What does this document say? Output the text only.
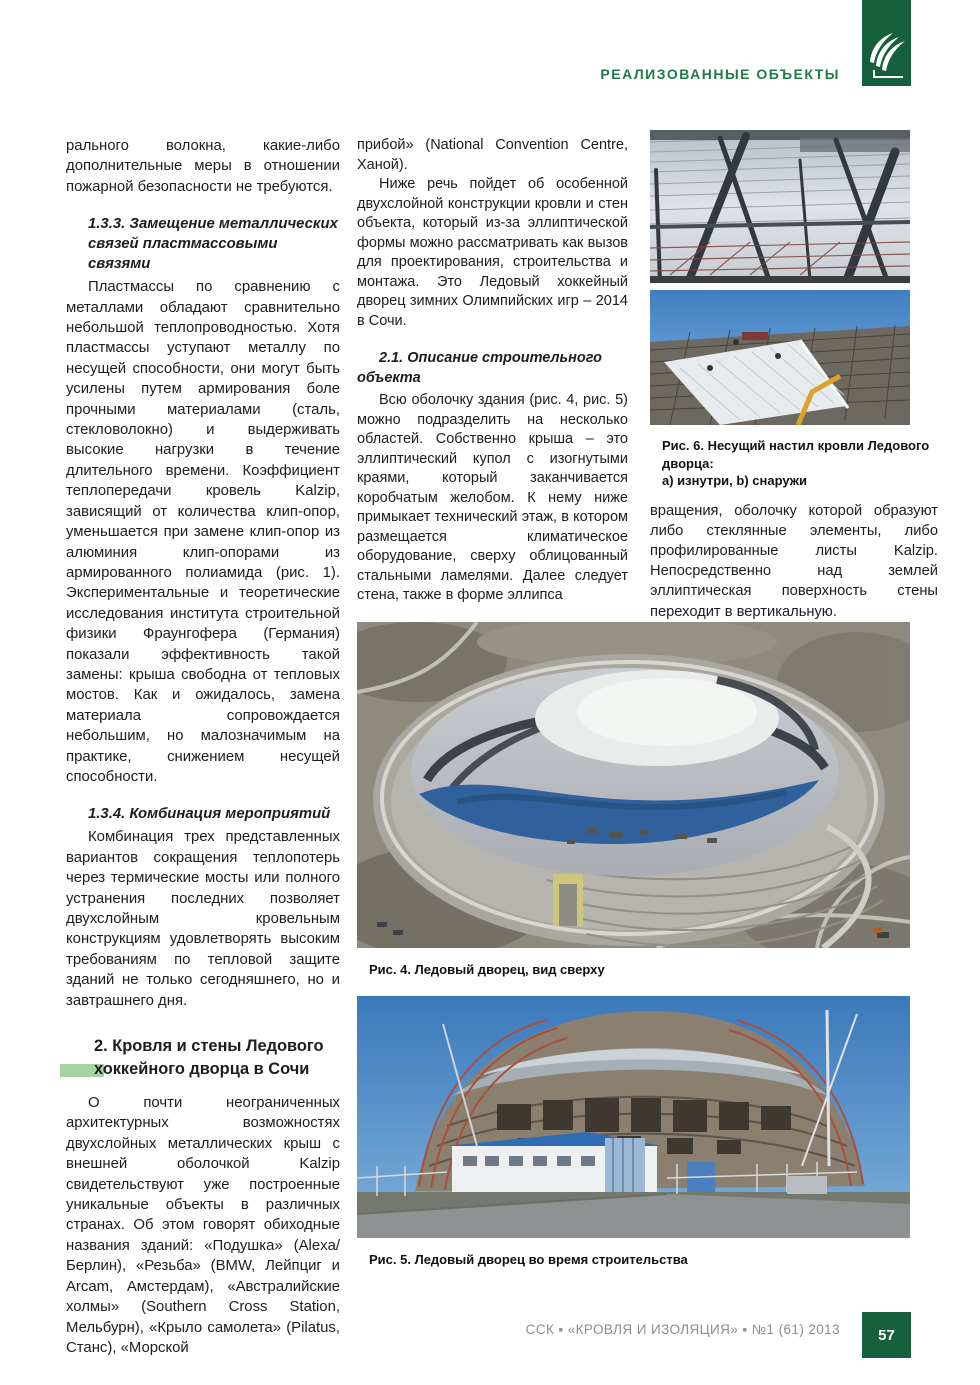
РЕАЛИЗОВАННЫЕ ОБЪЕКТЫ

рального волокна, какие-либо дополнительные меры в отношении пожарной безопасности не требуются.

1.3.3. Замещение металлических связей пластмассовыми связями

Пластмассы по сравнению с металлами обладают сравнительно небольшой теплопроводностью. Хотя пластмассы уступают металлу по несущей способности, они могут быть усилены путем армирования боле прочными материалами (сталь, стекловолокно) и выдерживать высокие нагрузки в течение длительного времени. Коэффициент теплопередачи кровель Kalzip, зависящий от количества клип-опор, уменьшается при замене клип-опор из алюминия клип-опорами из армированного полиамида (рис. 1). Экспериментальные и теоретические исследования института строительной физики Фраунгофера (Германия) показали эффективность такой замены: крыша свободна от тепловых мостов. Как и ожидалось, замена материала сопровождается небольшим, но малозначимым на практике, снижением несущей способности.

1.3.4. Комбинация мероприятий

Комбинация трех представленных вариантов сокращения теплопотерь через термические мосты или полного устранения последних позволяет двухслойным кровельным конструкциям удовлетворять высоким требованиям по тепловой защите зданий не только сегодняшнего, но и завтрашнего дня.

2. Кровля и стены Ледового хоккейного дворца в Сочи

О почти неограниченных архитектурных возможностях двухслойных металлических крыш с внешней оболочкой Kalzip свидетельствуют уже построенные уникальные объекты в различных странах. Об этом говорят обиходные названия зданий: «Подушка» (Alexa/Берлин), «Резьба» (BMW, Лейпциг и Arcam, Амстердам), «Австралийские холмы» (Southern Cross Station, Мельбурн), «Крыло самолета» (Pilatus, Станс), «Морской

прибой» (National Convention Centre, Ханой).

Ниже речь пойдет об особенной двухслойной конструкции кровли и стен объекта, который из-за эллиптической формы можно рассматривать как вызов для проектирования, строительства и монтажа. Это Ледовый хоккейный дворец зимних Олимпийских игр – 2014 в Сочи.

2.1. Описание строительного объекта

Всю оболочку здания (рис. 4, рис. 5) можно подразделить на несколько областей. Собственно крыша – это эллиптический купол с изогнутыми краями, который заканчивается коробчатым желобом. К нему ниже примыкает технический этаж, в котором размещается климатическое оборудование, сверху облицованный стальными ламелями. Далее следует стена, также в форме эллипса

Рис. 6. Несущий настил кровли Ледового дворца:
а) изнутри, b) снаружи

вращения, оболочку которой образуют либо стеклянные элементы, либо профилированные листы Kalzip. Непосредственно над землей эллиптическая поверхность стены переходит в вертикальную.

Рис. 4. Ледовый дворец, вид сверху
Рис. 5. Ледовый дворец во время строительства
ССК ▪ «КРОВЛЯ И ИЗОЛЯЦИЯ» ▪ №1 (61) 2013	57
